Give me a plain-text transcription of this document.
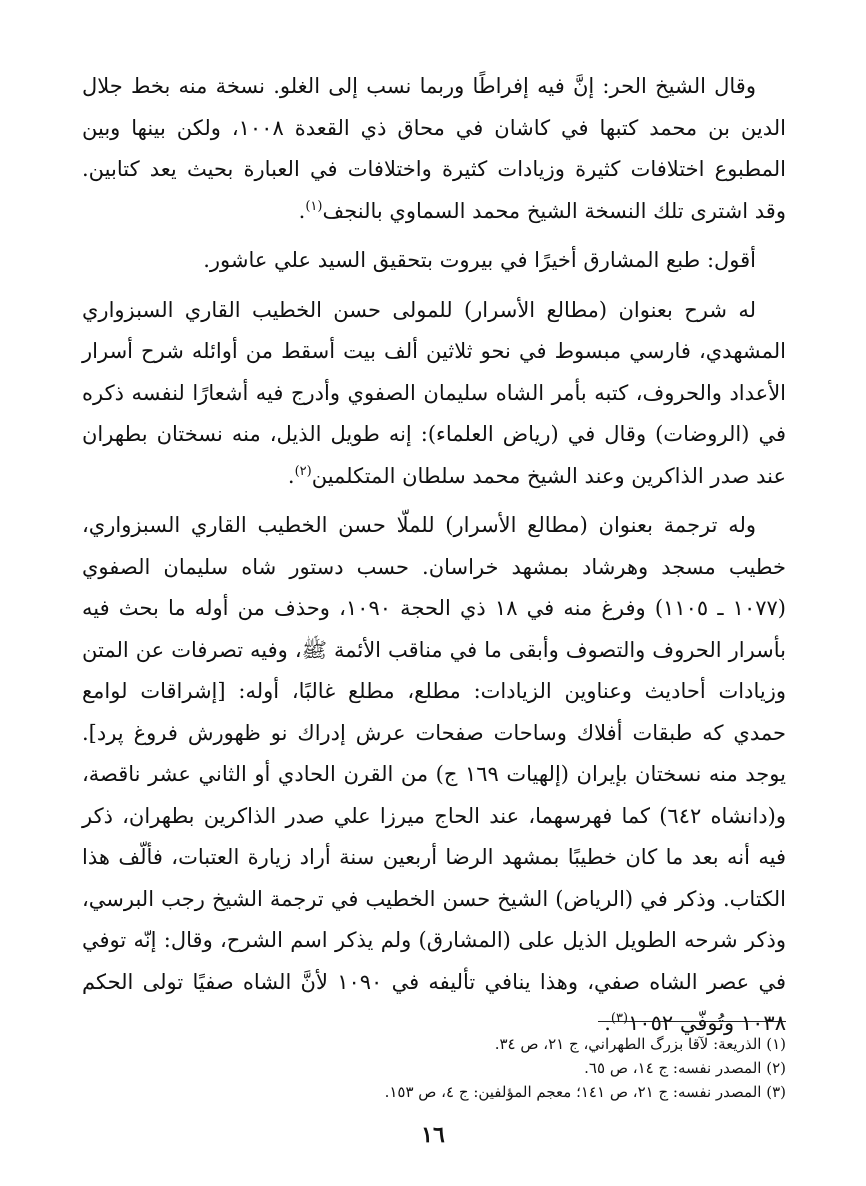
وقال الشيخ الحر: إنَّ فيه إفراطًا وربما نسب إلى الغلو. نسخة منه بخط جلال الدين بن محمد كتبها في كاشان في محاق ذي القعدة ١٠٠٨، ولكن بينها وبين المطبوع اختلافات كثيرة وزيادات كثيرة واختلافات في العبارة بحيث يعد كتابين. وقد اشترى تلك النسخة الشيخ محمد السماوي بالنجف$^{(١)}$.

أقول: طبع المشارق أخيرًا في بيروت بتحقيق السيد علي عاشور.

له شرح بعنوان (مطالع الأسرار) للمولى حسن الخطيب القاري السبزواري المشهدي، فارسي مبسوط في نحو ثلاثين ألف بيت أسقط من أوائله شرح أسرار الأعداد والحروف، كتبه بأمر الشاه سليمان الصفوي وأدرج فيه أشعارًا لنفسه ذكره في (الروضات) وقال في (رياض العلماء): إنه طويل الذيل، منه نسختان بطهران عند صدر الذاكرين وعند الشيخ محمد سلطان المتكلمين$^{(٢)}$.

وله ترجمة بعنوان (مطالع الأسرار) للملّا حسن الخطيب القاري السبزواري، خطيب مسجد وهرشاد بمشهد خراسان. حسب دستور شاه سليمان الصفوي (١٠٧٧ ـ ١١٠٥) وفرغ منه في ١٨ ذي الحجة ١٠٩٠، وحذف من أوله ما بحث فيه بأسرار الحروف والتصوف وأبقى ما في مناقب الأئمة ﷺ، وفيه تصرفات عن المتن وزيادات أحاديث وعناوين الزيادات: مطلع، مطلع غالبًا، أوله: [إشراقات لوامع حمدي كه طبقات أفلاك وساحات صفحات عرش إدراك نو ظهورش فروغ پرد]. يوجد منه نسختان بإيران (إلهيات ١٦٩ ج) من القرن الحادي أو الثاني عشر ناقصة، و(دانشاه ٦٤٢) كما فهرسهما، عند الحاج ميرزا علي صدر الذاكرين بطهران، ذكر فيه أنه بعد ما كان خطيبًا بمشهد الرضا أربعين سنة أراد زيارة العتبات، فألّف هذا الكتاب. وذكر في (الرياض) الشيخ حسن الخطيب في ترجمة الشيخ رجب البرسي، وذكر شرحه الطويل الذيل على (المشارق) ولم يذكر اسم الشرح، وقال: إنّه توفي في عصر الشاه صفي، وهذا ينافي تأليفه في ١٠٩٠ لأنَّ الشاه صفيًا تولى الحكم ١٠٣٨ وتُوفّي ١٠٥٢$^{(٣)}$.

(١) الذريعة: لآقا بزرگ الطهراني، ج ٢١، ص ٣٤.

(٢) المصدر نفسه: ج ١٤، ص ٦٥.

(٣) المصدر نفسه: ج ٢١، ص ١٤١؛ معجم المؤلفين: ج ٤، ص ١٥٣.

١٦
